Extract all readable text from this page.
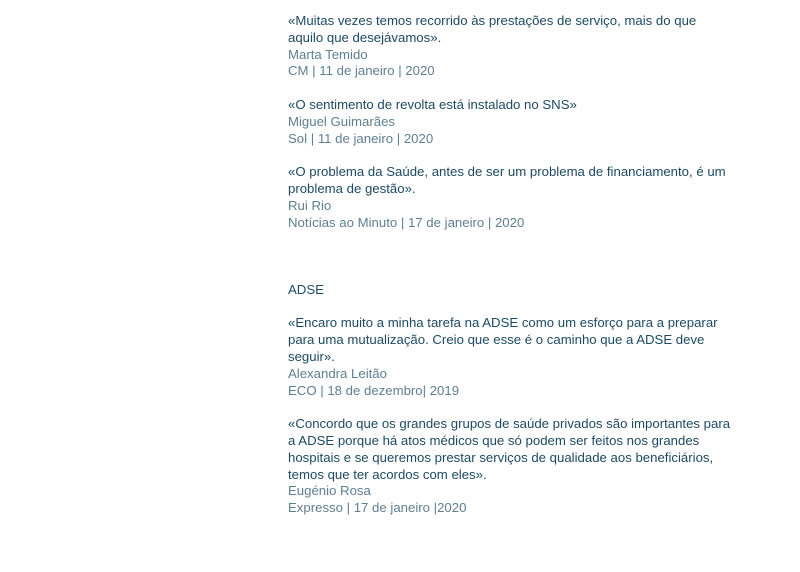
«Muitas vezes temos recorrido às prestações de serviço, mais do que aquilo que desejávamos».
Marta Temido
CM | 11 de janeiro | 2020
«O sentimento de revolta está instalado no SNS»
Miguel Guimarães
Sol | 11 de janeiro | 2020
«O problema da Saúde, antes de ser um problema de financiamento, é um problema de gestão».
Rui Rio
Notícias ao Minuto | 17 de janeiro | 2020
ADSE
«Encaro muito a minha tarefa na ADSE como um esforço para a preparar para uma mutualização. Creio que esse é o caminho que a ADSE deve seguir».
Alexandra Leitão
ECO | 18 de dezembro| 2019
«Concordo que os grandes grupos de saúde privados são importantes para a ADSE porque há atos médicos que só podem ser feitos nos grandes hospitais e se queremos prestar serviços de qualidade aos beneficiários, temos que ter acordos com eles».
Eugénio Rosa
Expresso | 17 de janeiro |2020
